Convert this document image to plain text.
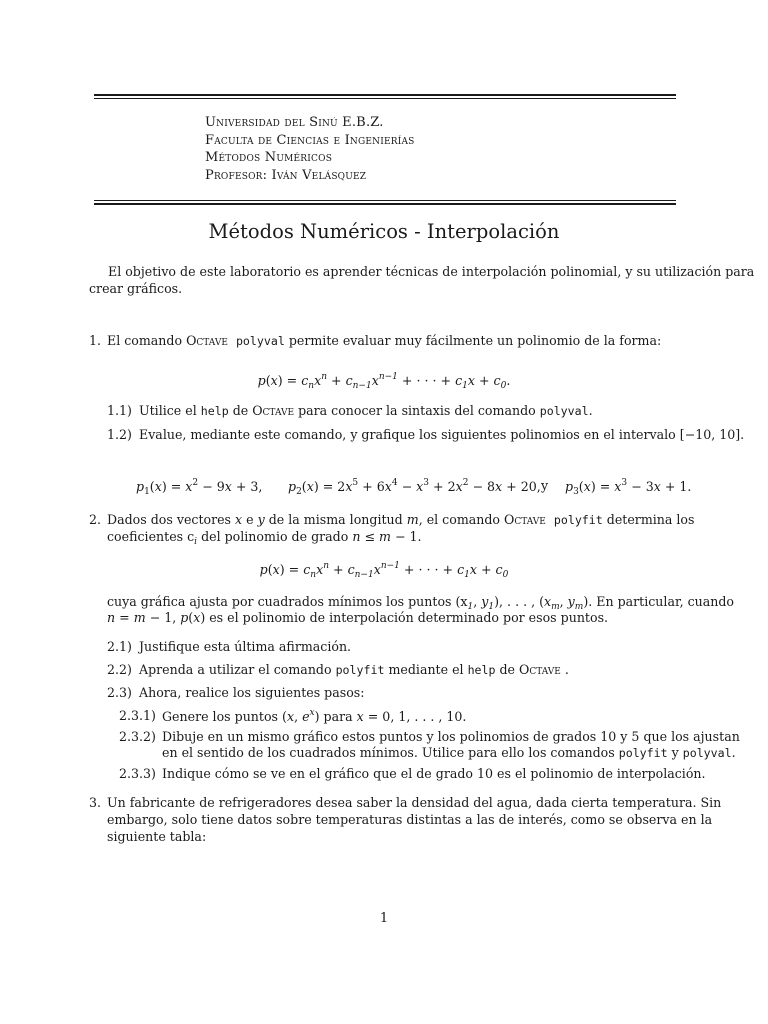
Universidad del Sinú E.B.Z.
Faculta de Ciencias e Ingenierías
Métodos Numéricos
Profesor: Iván Velásquez
Métodos Numéricos - Interpolación
El objetivo de este laboratorio es aprender técnicas de interpolación polinomial, y su utilización para
crear gráficos.
1. El comando Octave polyval permite evaluar muy fácilmente un polinomio de la forma:
$p(x) = c_nx^n + c_{n-1}x^{n-1}$ + · · · + $c_1x + c_0$.
1.1) Utilice el help de Octave para conocer la sintaxis del comando polyval.
1.2) Evalue, mediante este comando, y grafique los siguientes polinomios en el intervalo [−10, 10].
$p_1(x) = x^2 - 9x + 3$, $p_2(x) = 2x^5 + 6x^4 - x^3 + 2x^2 - 8x + 20$, y $p_3(x) = x^3 - 3x + 1$.
2. Dados dos vectores x e y de la misma longitud m, el comando Octave polyfit determina los
coeficientes $c_i$ del polinomio de grado n ≤ m − 1.
$p(x) = c_nx^n + c_{n-1}x^{n-1}$ + · · · + $c_1x + c_0$
cuya gráfica ajusta por cuadrados mínimos los puntos ($x_1$, $y_1$), . . . , ($x_m$, $y_m$). En particular, cuando
n = m − 1, p(x) es el polinomio de interpolación determinado por esos puntos.
2.1) Justifique esta última afirmación.
2.2) Aprenda a utilizar el comando polyfit mediante el help de Octave .
2.3) Ahora, realice los siguientes pasos:
2.3.1) Genere los puntos (x, $e^x$) para x = 0, 1, . . . , 10.
2.3.2) Dibuje en un mismo gráfico estos puntos y los polinomios de grados 10 y 5 que los ajustan
en el sentido de los cuadrados mínimos. Utilice para ello los comandos polyfit y polyval.
2.3.3) Indique cómo se ve en el gráfico que el de grado 10 es el polinomio de interpolación.
3. Un fabricante de refrigeradores desea saber la densidad del agua, dada cierta temperatura. Sin
embargo, solo tiene datos sobre temperaturas distintas a las de interés, como se observa en la
siguiente tabla:
1
